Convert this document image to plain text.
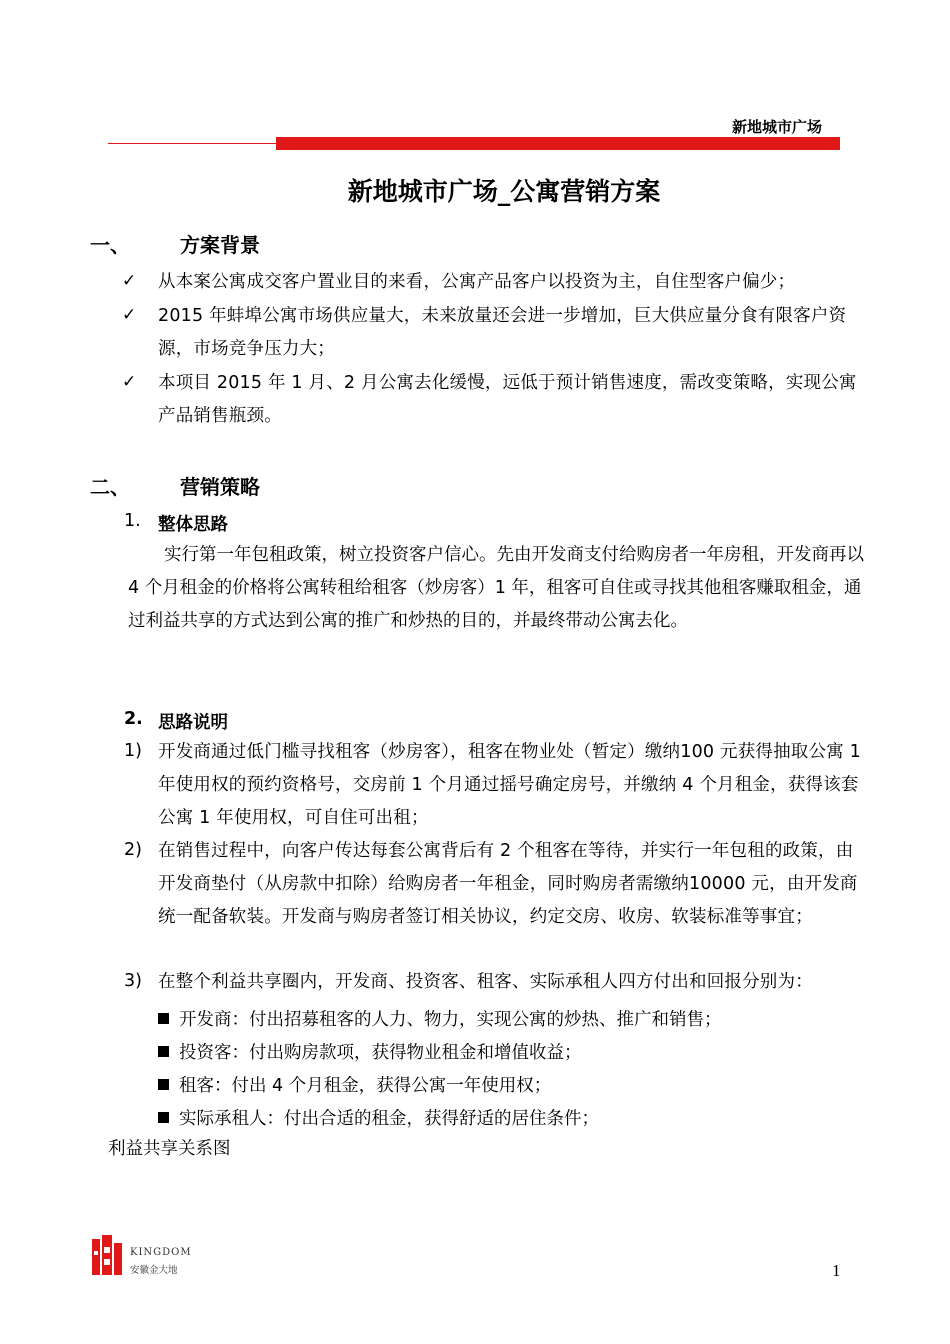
新地城市广场
新地城市广场_公寓营销方案
一、	方案背景
✓ 从本案公寓成交客户置业目的来看，公寓产品客户以投资为主，自住型客户偏少；
✓ 2015 年蚌埠公寓市场供应量大，未来放量还会进一步增加，巨大供应量分食有限客户资源，市场竞争压力大；
✓ 本项目 2015 年 1 月、2 月公寓去化缓慢，远低于预计销售速度，需改变策略，实现公寓产品销售瓶颈。
二、	营销策略
1. 整体思路
实行第一年包租政策，树立投资客户信心。先由开发商支付给购房者一年房租，开发商再以 4 个月租金的价格将公寓转租给租客（炒房客）1 年，租客可自住或寻找其他租客赚取租金，通过利益共享的方式达到公寓的推广和炒热的目的，并最终带动公寓去化。
2. 思路说明
1) 开发商通过低门槛寻找租客（炒房客），租客在物业处（暂定）缴纳100 元获得抽取公寓 1 年使用权的预约资格号，交房前 1 个月通过摇号确定房号，并缴纳 4 个月租金，获得该套公寓 1 年使用权，可自住可出租；
2) 在销售过程中，向客户传达每套公寓背后有 2 个租客在等待，并实行一年包租的政策，由开发商垫付（从房款中扣除）给购房者一年租金，同时购房者需缴纳10000 元，由开发商统一配备软装。开发商与购房者签订相关协议，约定交房、收房、软装标准等事宜；
3) 在整个利益共享圈内，开发商、投资客、租客、实际承租人四方付出和回报分别为：
开发商：付出招募租客的人力、物力，实现公寓的炒热、推广和销售；
投资客：付出购房款项，获得物业租金和增值收益；
租客：付出 4 个月租金，获得公寓一年使用权；
实际承租人：付出合适的租金，获得舒适的居住条件；
利益共享关系图
KINGDOM
安徽金大地	1
